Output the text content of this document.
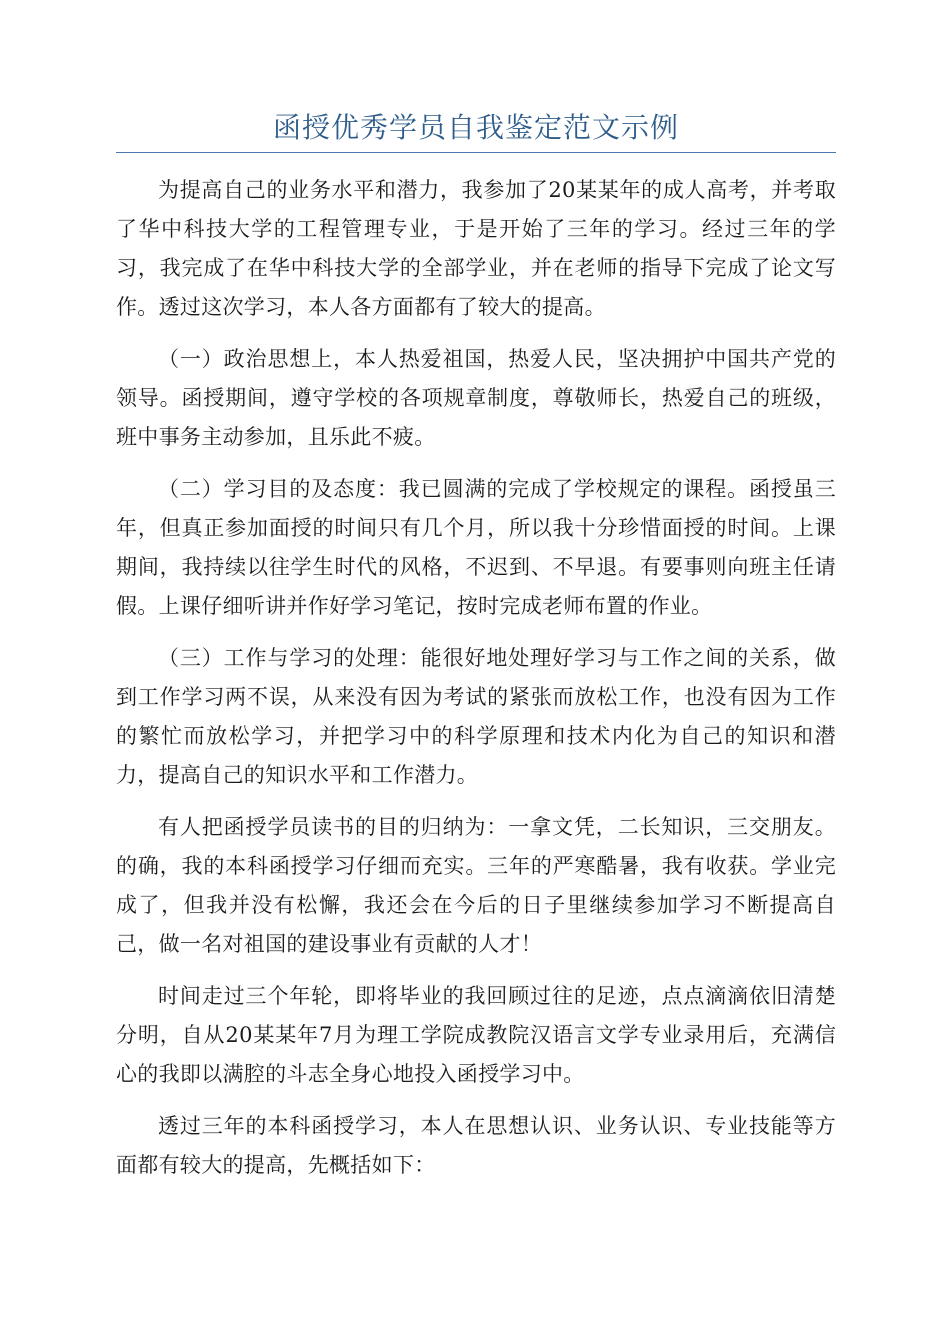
函授优秀学员自我鉴定范文示例

为提高自己的业务水平和潜力，我参加了20某某年的成人高考，并考取了华中科技大学的工程管理专业，于是开始了三年的学习。经过三年的学习，我完成了在华中科技大学的全部学业，并在老师的指导下完成了论文写作。透过这次学习，本人各方面都有了较大的提高。

（一）政治思想上，本人热爱祖国，热爱人民，坚决拥护中国共产党的领导。函授期间，遵守学校的各项规章制度，尊敬师长，热爱自己的班级，班中事务主动参加，且乐此不疲。

（二）学习目的及态度：我已圆满的完成了学校规定的课程。函授虽三年，但真正参加面授的时间只有几个月，所以我十分珍惜面授的时间。上课期间，我持续以往学生时代的风格，不迟到、不早退。有要事则向班主任请假。上课仔细听讲并作好学习笔记，按时完成老师布置的作业。

（三）工作与学习的处理：能很好地处理好学习与工作之间的关系，做到工作学习两不误，从来没有因为考试的紧张而放松工作，也没有因为工作的繁忙而放松学习，并把学习中的科学原理和技术内化为自己的知识和潜力，提高自己的知识水平和工作潜力。

有人把函授学员读书的目的归纳为：一拿文凭，二长知识，三交朋友。的确，我的本科函授学习仔细而充实。三年的严寒酷暑，我有收获。学业完成了，但我并没有松懈，我还会在今后的日子里继续参加学习不断提高自己，做一名对祖国的建设事业有贡献的人才！

时间走过三个年轮，即将毕业的我回顾过往的足迹，点点滴滴依旧清楚分明，自从20某某年7月为理工学院成教院汉语言文学专业录用后，充满信心的我即以满腔的斗志全身心地投入函授学习中。

透过三年的本科函授学习，本人在思想认识、业务认识、专业技能等方面都有较大的提高，先概括如下：
